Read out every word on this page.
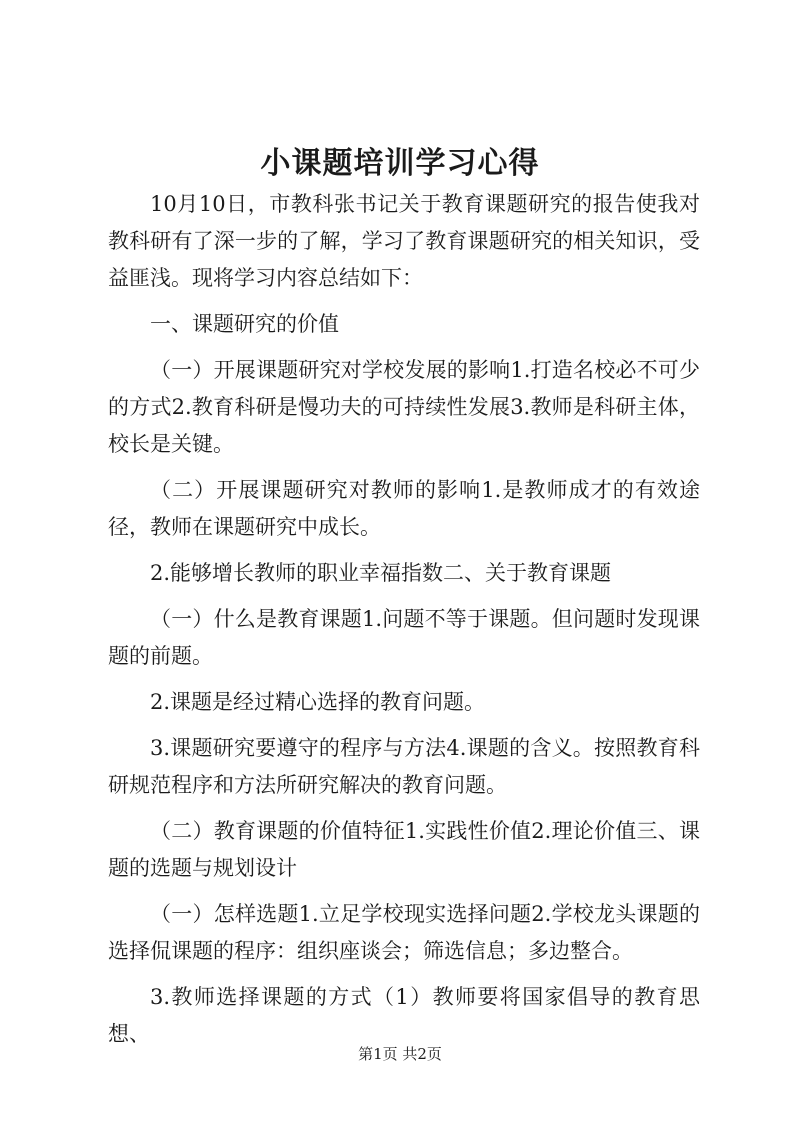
小课题培训学习心得

10月10日，市教科张书记关于教育课题研究的报告使我对教科研有了深一步的了解，学习了教育课题研究的相关知识，受益匪浅。现将学习内容总结如下：

一、课题研究的价值

（一）开展课题研究对学校发展的影响1.打造名校必不可少的方式2.教育科研是慢功夫的可持续性发展3.教师是科研主体，校长是关键。

（二）开展课题研究对教师的影响1.是教师成才的有效途径，教师在课题研究中成长。

2.能够增长教师的职业幸福指数二、关于教育课题

（一）什么是教育课题1.问题不等于课题。但问题时发现课题的前题。

2.课题是经过精心选择的教育问题。

3.课题研究要遵守的程序与方法4.课题的含义。按照教育科研规范程序和方法所研究解决的教育问题。

（二）教育课题的价值特征1.实践性价值2.理论价值三、课题的选题与规划设计

（一）怎样选题1.立足学校现实选择问题2.学校龙头课题的选择侃课题的程序：组织座谈会；筛选信息；多边整合。

3.教师选择课题的方式（1）教师要将国家倡导的教育思想、

第1页 共2页
